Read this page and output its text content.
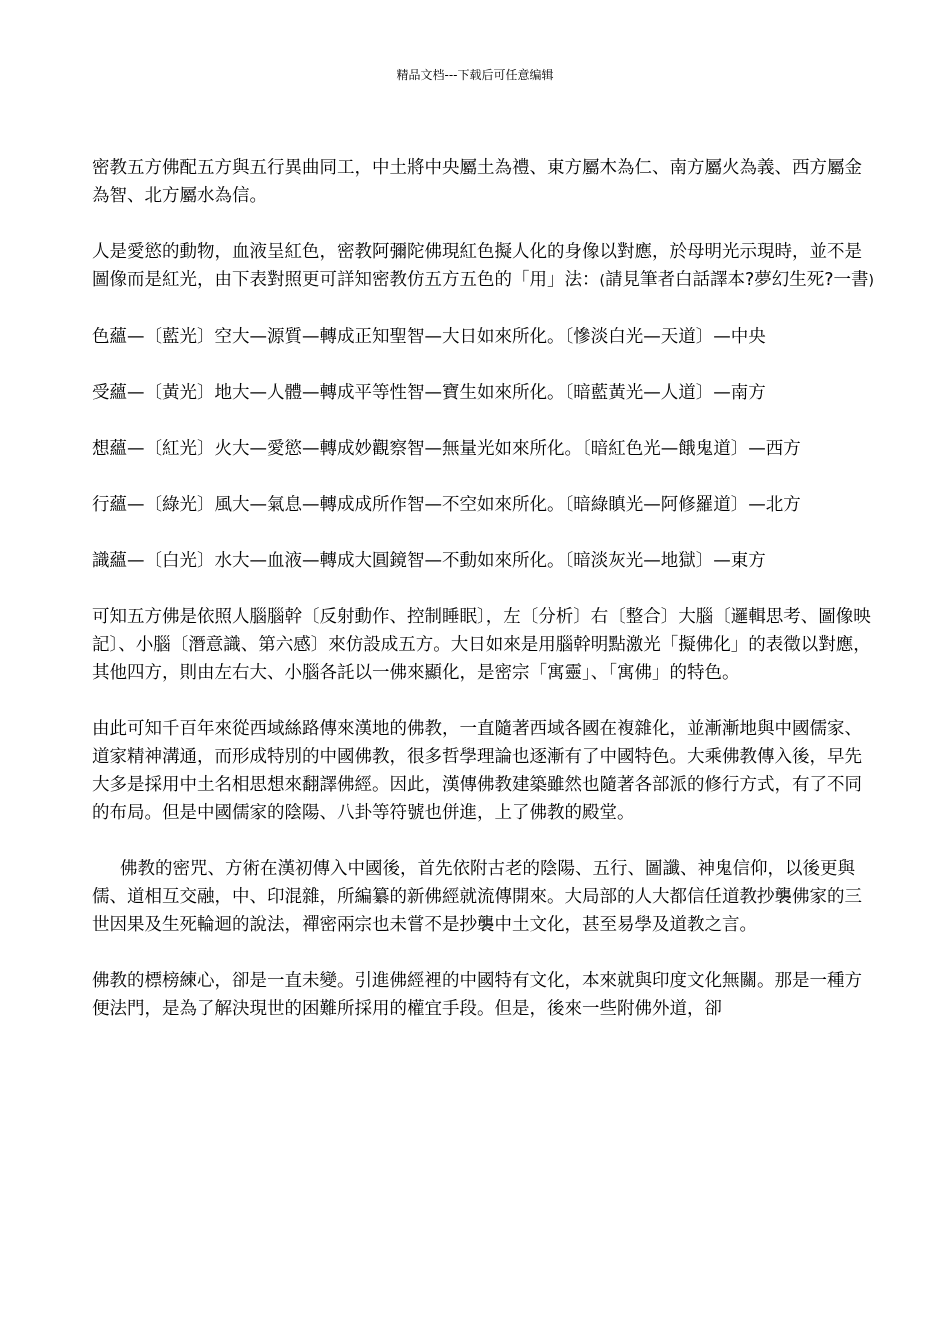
精品文档---下载后可任意编辑

密教五方佛配五方與五行異曲同工，中土將中央屬土為禮、東方屬木為仁、南方屬火為義、西方屬金為智、北方屬水為信。

人是愛慾的動物，血液呈紅色，密教阿彌陀佛現紅色擬人化的身像以對應，於母明光示現時，並不是圖像而是紅光，由下表對照更可詳知密教仿五方五色的「用」法：(請見筆者白話譯本?夢幻生死?一書)

色蘊—〔藍光〕空大—源質—轉成正知聖智—大日如來所化。〔慘淡白光—天道〕—中央

受蘊—〔黃光〕地大—人體—轉成平等性智—寶生如來所化。〔暗藍黃光—人道〕—南方

想蘊—〔紅光〕火大—愛慾—轉成妙觀察智—無量光如來所化。〔暗紅色光—餓鬼道〕—西方

行蘊—〔綠光〕風大—氣息—轉成成所作智—不空如來所化。〔暗綠瞋光—阿修羅道〕—北方

識蘊—〔白光〕水大—血液—轉成大圓鏡智—不動如來所化。〔暗淡灰光—地獄〕—東方

可知五方佛是依照人腦腦幹〔反射動作、控制睡眠〕，左〔分析〕右〔整合〕大腦〔邏輯思考、圖像映記〕、小腦〔潛意識、第六感〕來仿設成五方。大日如來是用腦幹明點激光「擬佛化」的表徵以對應，其他四方，則由左右大、小腦各託以一佛來顯化，是密宗「寓靈」、「寓佛」的特色。

由此可知千百年來從西域絲路傳來漢地的佛教，一直隨著西域各國在複雜化，並漸漸地與中國儒家、道家精神溝通，而形成特別的中國佛教，很多哲學理論也逐漸有了中國特色。大乘佛教傳入後，早先大多是採用中土名相思想來翻譯佛經。因此，漢傳佛教建築雖然也隨著各部派的修行方式，有了不同的布局。但是中國儒家的陰陽、八卦等符號也併進，上了佛教的殿堂。

佛教的密咒、方術在漢初傳入中國後，首先依附古老的陰陽、五行、圖讖、神鬼信仰，以後更與儒、道相互交融，中、印混雜，所編纂的新佛經就流傳開來。大局部的人大都信任道教抄襲佛家的三世因果及生死輪迴的說法，禪密兩宗也未嘗不是抄襲中土文化，甚至易學及道教之言。

佛教的標榜練心，卻是一直未變。引進佛經裡的中國特有文化，本來就與印度文化無關。那是一種方便法門，是為了解決現世的困難所採用的權宜手段。但是，後來一些附佛外道，卻
